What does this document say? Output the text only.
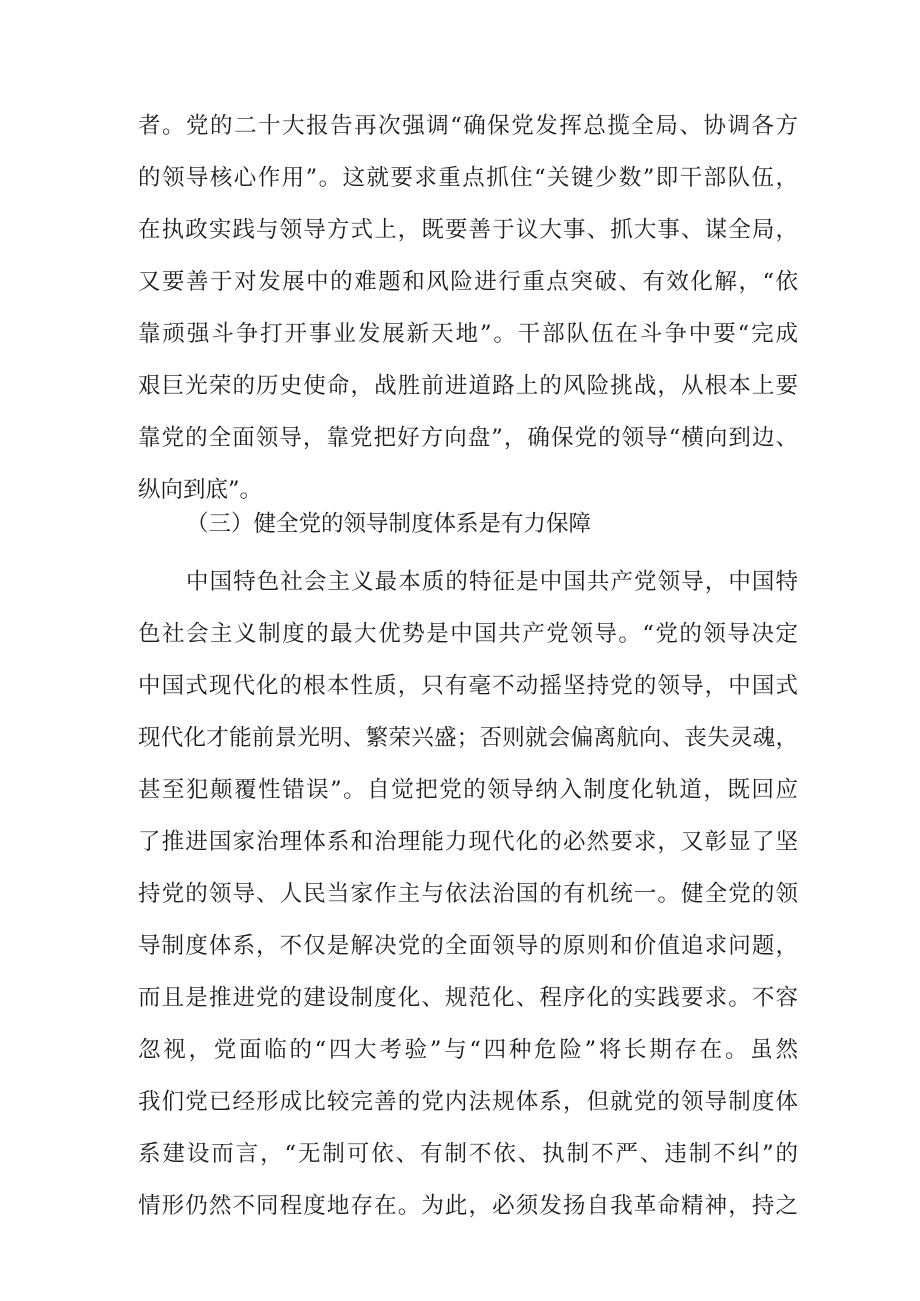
者。党的二十大报告再次强调“确保党发挥总揽全局、协调各方
的领导核心作用”。这就要求重点抓住“关键少数”即干部队伍，
在执政实践与领导方式上，既要善于议大事、抓大事、谋全局，
又要善于对发展中的难题和风险进行重点突破、有效化解，“依
靠顽强斗争打开事业发展新天地”。干部队伍在斗争中要“完成
艰巨光荣的历史使命，战胜前进道路上的风险挑战，从根本上要
靠党的全面领导，靠党把好方向盘”，确保党的领导“横向到边、
纵向到底”。
（三）健全党的领导制度体系是有力保障
中国特色社会主义最本质的特征是中国共产党领导，中国特
色社会主义制度的最大优势是中国共产党领导。“党的领导决定
中国式现代化的根本性质，只有毫不动摇坚持党的领导，中国式
现代化才能前景光明、繁荣兴盛；否则就会偏离航向、丧失灵魂，
甚至犯颠覆性错误”。自觉把党的领导纳入制度化轨道，既回应
了推进国家治理体系和治理能力现代化的必然要求，又彰显了坚
持党的领导、人民当家作主与依法治国的有机统一。健全党的领
导制度体系，不仅是解决党的全面领导的原则和价值追求问题，
而且是推进党的建设制度化、规范化、程序化的实践要求。不容
忽视，党面临的“四大考验”与“四种危险”将长期存在。虽然
我们党已经形成比较完善的党内法规体系，但就党的领导制度体
系建设而言，“无制可依、有制不依、执制不严、违制不纠”的
情形仍然不同程度地存在。为此，必须发扬自我革命精神，持之
